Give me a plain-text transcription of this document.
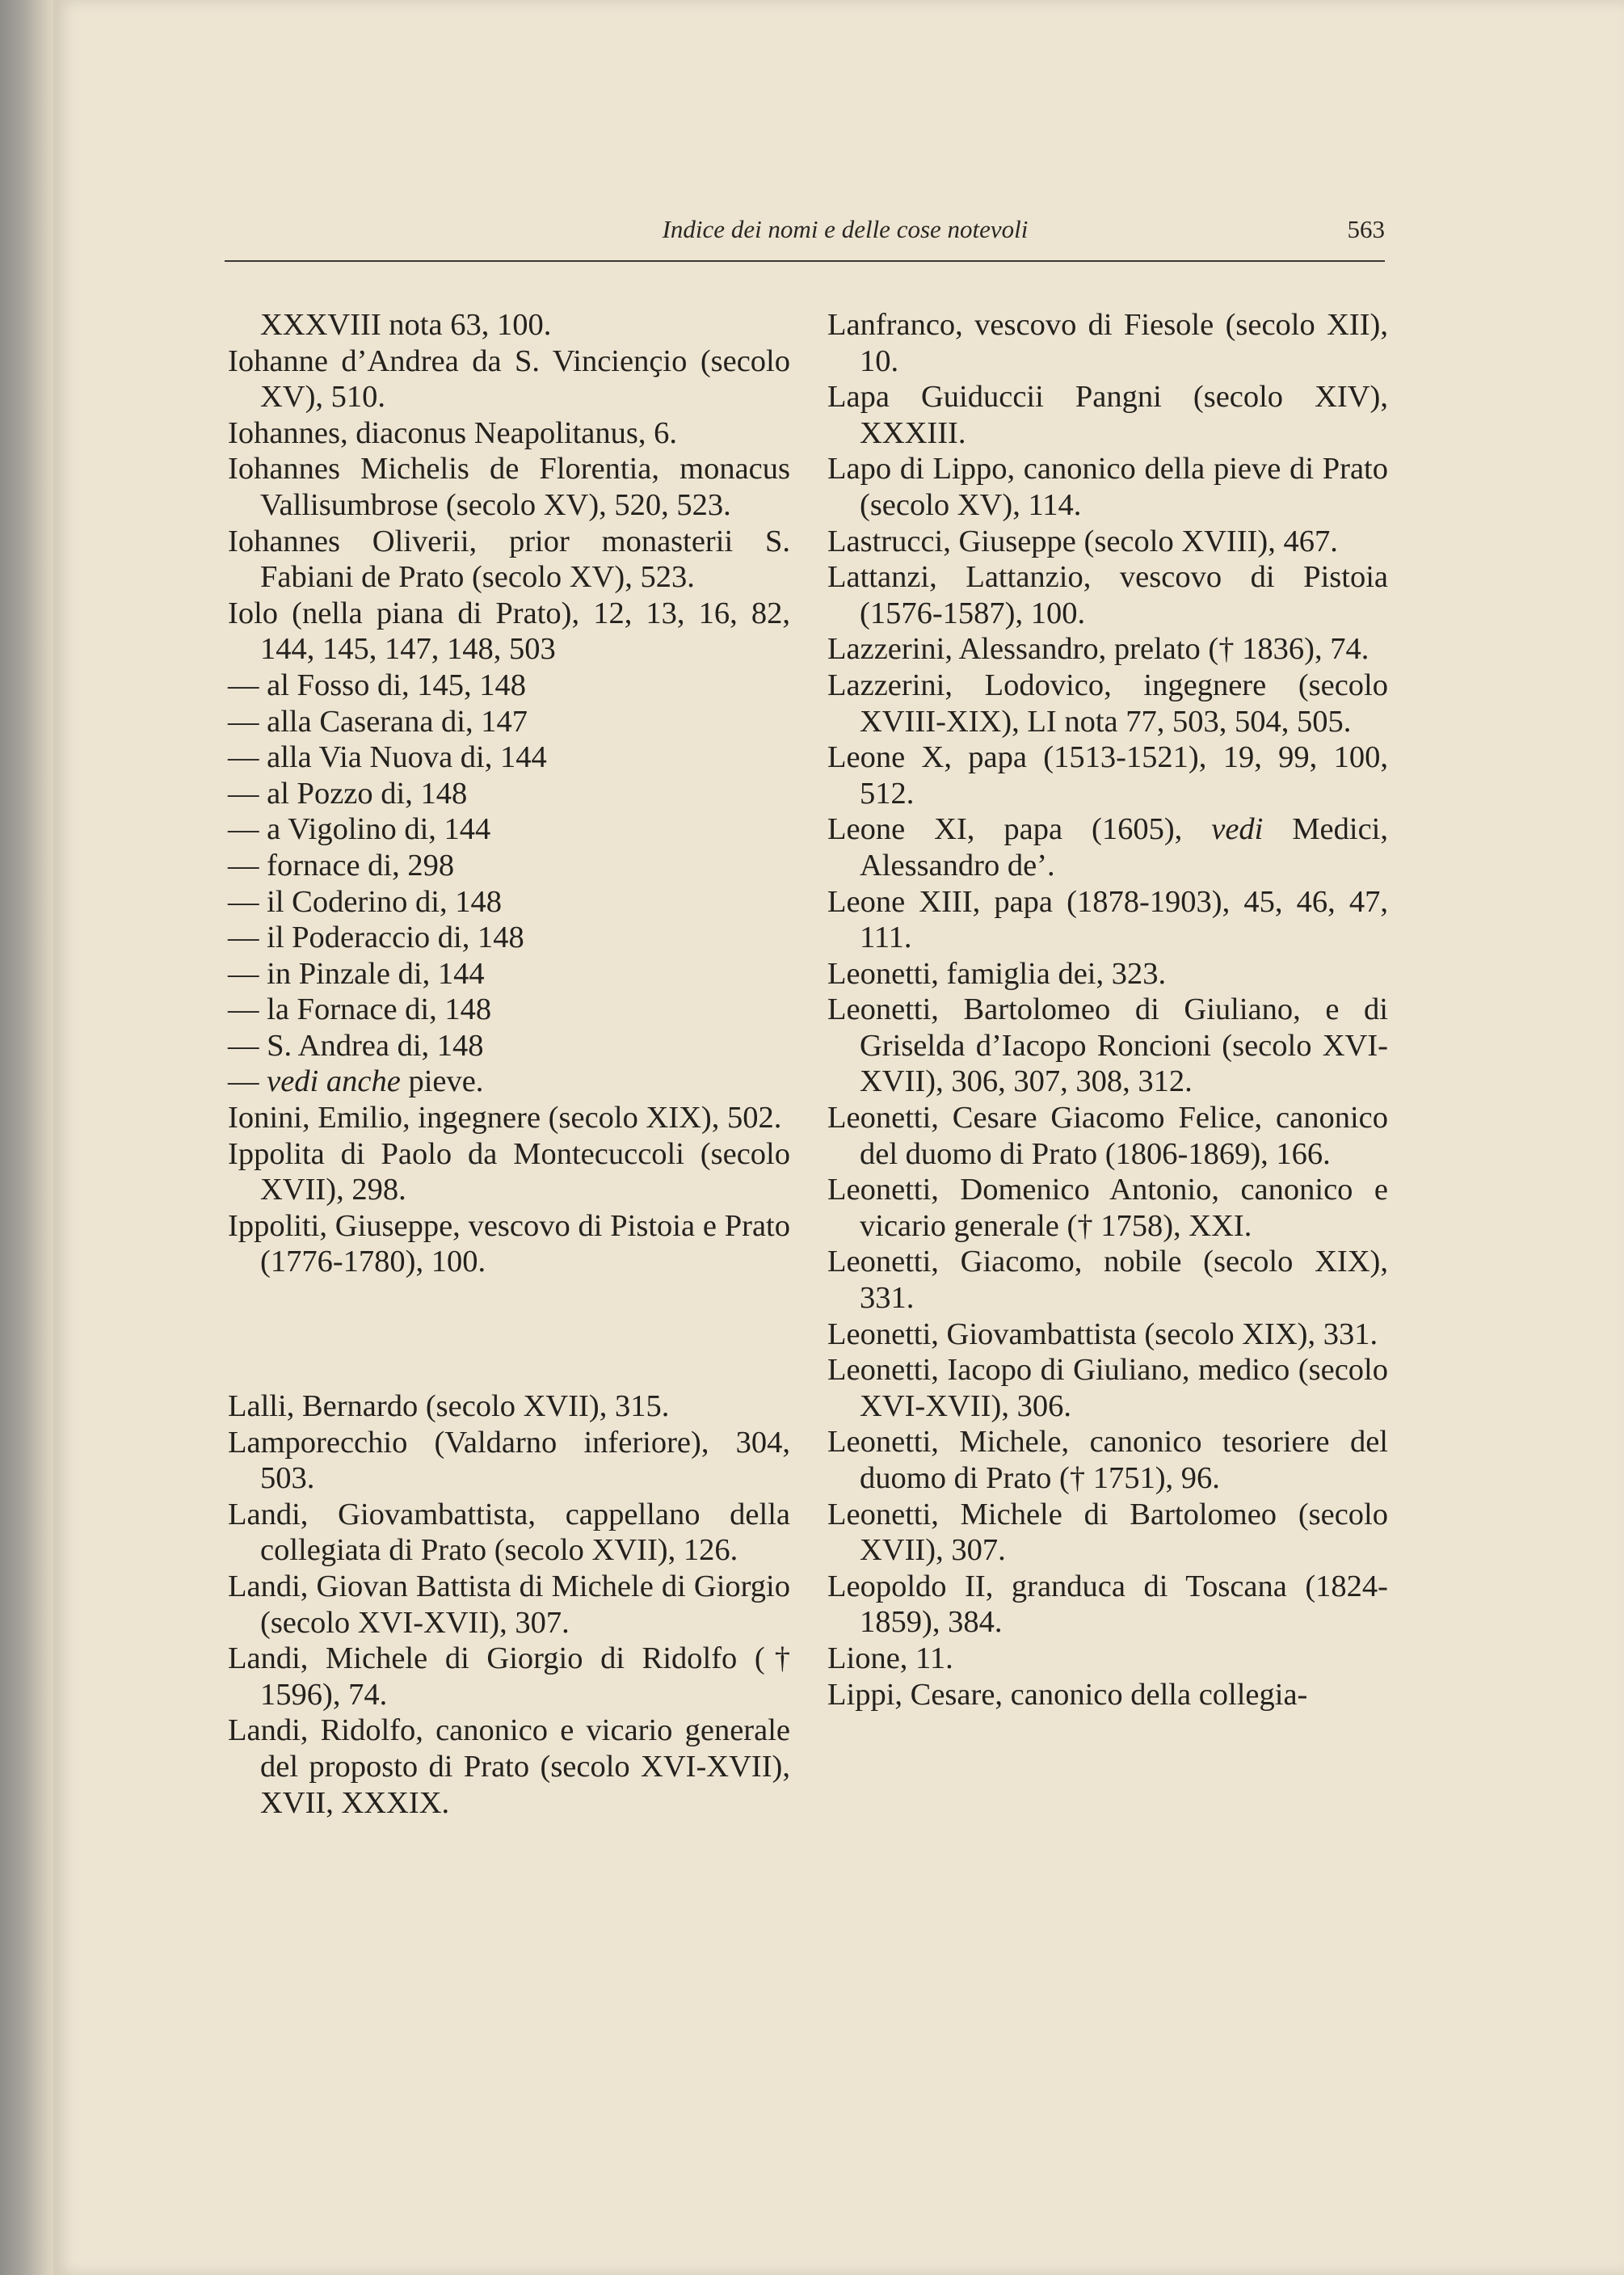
Indice dei nomi e delle cose notevoli	563

XXXVIII nota 63, 100.

Iohanne d’Andrea da S. Vincienҫio (secolo XV), 510.

Iohannes, diaconus Neapolitanus, 6.

Iohannes Michelis de Florentia, monacus Vallisumbrose (secolo XV), 520, 523.

Iohannes Oliverii, prior monasterii S. Fabiani de Prato (secolo XV), 523.

Iolo (nella piana di Prato), 12, 13, 16, 82, 144, 145, 147, 148, 503

— al Fosso di, 145, 148

— alla Caserana di, 147

— alla Via Nuova di, 144

— al Pozzo di, 148

— a Vigolino di, 144

— fornace di, 298

— il Coderino di, 148

— il Poderaccio di, 148

— in Pinzale di, 144

— la Fornace di, 148

— S. Andrea di, 148

— vedi anche pieve.

Ionini, Emilio, ingegnere (secolo XIX), 502.

Ippolita di Paolo da Montecuccoli (secolo XVII), 298.

Ippoliti, Giuseppe, vescovo di Pistoia e Prato (1776-1780), 100.

Lalli, Bernardo (secolo XVII), 315.

Lamporecchio (Valdarno inferiore), 304, 503.

Landi, Giovambattista, cappellano della collegiata di Prato (secolo XVII), 126.

Landi, Giovan Battista di Michele di Giorgio (secolo XVI-XVII), 307.

Landi, Michele di Giorgio di Ridolfo († 1596), 74.

Landi, Ridolfo, canonico e vicario generale del proposto di Prato (secolo XVI-XVII), XVII, XXXIX.

Lanfranco, vescovo di Fiesole (secolo XII), 10.

Lapa Guiduccii Pangni (secolo XIV), XXXIII.

Lapo di Lippo, canonico della pieve di Prato (secolo XV), 114.

Lastrucci, Giuseppe (secolo XVIII), 467.

Lattanzi, Lattanzio, vescovo di Pistoia (1576-1587), 100.

Lazzerini, Alessandro, prelato († 1836), 74.

Lazzerini, Lodovico, ingegnere (secolo XVIII-XIX), LI nota 77, 503, 504, 505.

Leone X, papa (1513-1521), 19, 99, 100, 512.

Leone XI, papa (1605), vedi Medici, Alessandro de’.

Leone XIII, papa (1878-1903), 45, 46, 47, 111.

Leonetti, famiglia dei, 323.

Leonetti, Bartolomeo di Giuliano, e di Griselda d’Iacopo Roncioni (secolo XVI-XVII), 306, 307, 308, 312.

Leonetti, Cesare Giacomo Felice, canonico del duomo di Prato (1806-1869), 166.

Leonetti, Domenico Antonio, canonico e vicario generale († 1758), XXI.

Leonetti, Giacomo, nobile (secolo XIX), 331.

Leonetti, Giovambattista (secolo XIX), 331.

Leonetti, Iacopo di Giuliano, medico (secolo XVI-XVII), 306.

Leonetti, Michele, canonico tesoriere del duomo di Prato († 1751), 96.

Leonetti, Michele di Bartolomeo (secolo XVII), 307.

Leopoldo II, granduca di Toscana (1824-1859), 384.

Lione, 11.

Lippi, Cesare, canonico della collegia-
